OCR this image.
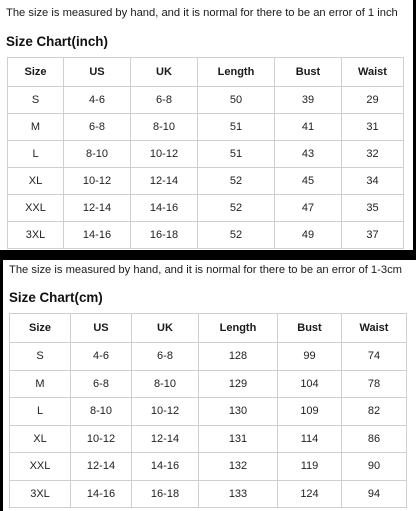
The size is measured by hand, and it is normal for there to be an error of 1 inch
Size Chart(inch)
Size	US	UK	Length	Bust	Waist
S	4-6	6-8	50	39	29
M	6-8	8-10	51	41	31
L	8-10	10-12	51	43	32
XL	10-12	12-14	52	45	34
XXL	12-14	14-16	52	47	35
3XL	14-16	16-18	52	49	37
The size is measured by hand, and it is normal for there to be an error of 1-3cm
Size Chart(cm)
Size	US	UK	Length	Bust	Waist
S	4-6	6-8	128	99	74
M	6-8	8-10	129	104	78
L	8-10	10-12	130	109	82
XL	10-12	12-14	131	114	86
XXL	12-14	14-16	132	119	90
3XL	14-16	16-18	133	124	94
